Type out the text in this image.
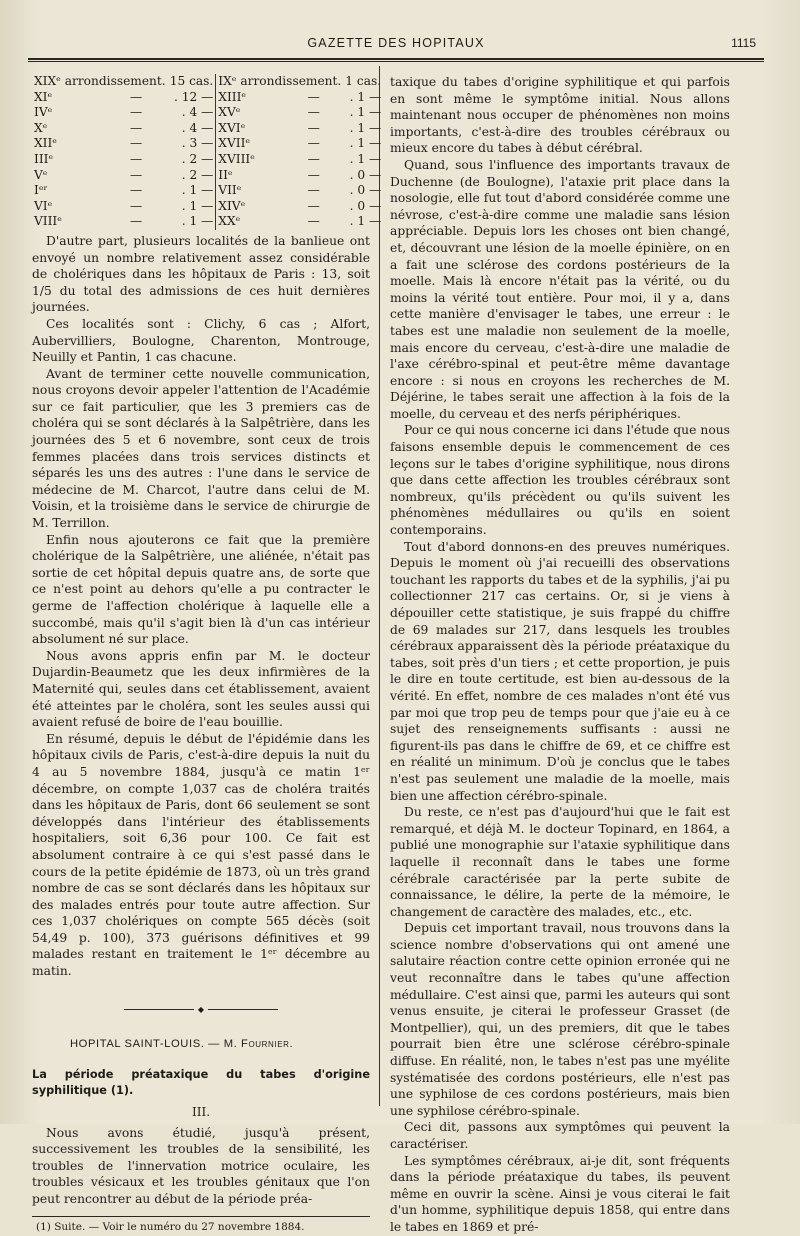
GAZETTE DES HOPITAUX	1115
XIXᵉ arrondissement.		15 cas.		IXᵉ arrondissement.		1 cas.
XIᵉ	—	. 12 —		XIIIᵉ	—	. 1 —
IVᵉ	—	. 4 —		XVᵉ	—	. 1 —
Xᵉ	—	. 4 —		XVIᵉ	—	. 1 —
XIIᵉ	—	. 3 —		XVIIᵉ	—	. 1 —
IIIᵉ	—	. 2 —		XVIIIᵉ	—	. 1 —
Vᵉ	—	. 2 —		IIᵉ	—	. 0 —
Iᵉʳ	—	. 1 —		VIIᵉ	—	. 0 —
VIᵉ	—	. 1 —		XIVᵉ	—	. 0 —
VIIIᵉ	—	. 1 —		XXᵉ	—	. 1 —

D'autre part, plusieurs localités de la banlieue ont envoyé un nombre relativement assez considérable de cholériques dans les hôpitaux de Paris : 13, soit 1/5 du total des admissions de ces huit dernières journées.

Ces localités sont : Clichy, 6 cas ; Alfort, Aubervilliers, Boulogne, Charenton, Montrouge, Neuilly et Pantin, 1 cas chacune.

Avant de terminer cette nouvelle communication, nous croyons devoir appeler l'attention de l'Académie sur ce fait particulier, que les 3 premiers cas de choléra qui se sont déclarés à la Salpêtrière, dans les journées des 5 et 6 novembre, sont ceux de trois femmes placées dans trois services distincts et séparés les uns des autres : l'une dans le service de médecine de M. Charcot, l'autre dans celui de M. Voisin, et la troisième dans le service de chirurgie de M. Terrillon.

Enfin nous ajouterons ce fait que la première cholérique de la Salpêtrière, une aliénée, n'était pas sortie de cet hôpital depuis quatre ans, de sorte que ce n'est point au dehors qu'elle a pu contracter le germe de l'affection cholérique à laquelle elle a succombé, mais qu'il s'agit bien là d'un cas intérieur absolument né sur place.

Nous avons appris enfin par M. le docteur Dujardin-Beaumetz que les deux infirmières de la Maternité qui, seules dans cet établissement, avaient été atteintes par le choléra, sont les seules aussi qui avaient refusé de boire de l'eau bouillie.

En résumé, depuis le début de l'épidémie dans les hôpitaux civils de Paris, c'est-à-dire depuis la nuit du 4 au 5 novembre 1884, jusqu'à ce matin 1ᵉʳ décembre, on compte 1,037 cas de choléra traités dans les hôpitaux de Paris, dont 66 seulement se sont développés dans l'intérieur des établissements hospitaliers, soit 6,36 pour 100. Ce fait est absolument contraire à ce qui s'est passé dans le cours de la petite épidémie de 1873, où un très grand nombre de cas se sont déclarés dans les hôpitaux sur des malades entrés pour toute autre affection. Sur ces 1,037 cholériques on compte 565 décès (soit 54,49 p. 100), 373 guérisons définitives et 99 malades restant en traitement le 1ᵉʳ décembre au matin.

◆
HOPITAL SAINT-LOUIS. — M. Fournier.
La période préataxique du tabes d'origine syphilitique (1).
III.

Nous avons étudié, jusqu'à présent, successivement les troubles de la sensibilité, les troubles de l'innervation motrice oculaire, les troubles vésicaux et les troubles génitaux que l'on peut rencontrer au début de la période préa-

(1) Suite. — Voir le numéro du 27 novembre 1884.

taxique du tabes d'origine syphilitique et qui parfois en sont même le symptôme initial. Nous allons maintenant nous occuper de phénomènes non moins importants, c'est-à-dire des troubles cérébraux ou mieux encore du tabes à début cérébral.

Quand, sous l'influence des importants travaux de Duchenne (de Boulogne), l'ataxie prit place dans la nosologie, elle fut tout d'abord considérée comme une névrose, c'est-à-dire comme une maladie sans lésion appréciable. Depuis lors les choses ont bien changé, et, découvrant une lésion de la moelle épinière, on en a fait une sclérose des cordons postérieurs de la moelle. Mais là encore n'était pas la vérité, ou du moins la vérité tout entière. Pour moi, il y a, dans cette manière d'envisager le tabes, une erreur : le tabes est une maladie non seulement de la moelle, mais encore du cerveau, c'est-à-dire une maladie de l'axe cérébro-spinal et peut-être même davantage encore : si nous en croyons les recherches de M. Déjérine, le tabes serait une affection à la fois de la moelle, du cerveau et des nerfs périphériques.

Pour ce qui nous concerne ici dans l'étude que nous faisons ensemble depuis le commencement de ces leçons sur le tabes d'origine syphilitique, nous dirons que dans cette affection les troubles cérébraux sont nombreux, qu'ils précèdent ou qu'ils suivent les phénomènes médullaires ou qu'ils en soient contemporains.

Tout d'abord donnons-en des preuves numériques. Depuis le moment où j'ai recueilli des observations touchant les rapports du tabes et de la syphilis, j'ai pu collectionner 217 cas certains. Or, si je viens à dépouiller cette statistique, je suis frappé du chiffre de 69 malades sur 217, dans lesquels les troubles cérébraux apparaissent dès la période préataxique du tabes, soit près d'un tiers ; et cette proportion, je puis le dire en toute certitude, est bien au-dessous de la vérité. En effet, nombre de ces malades n'ont été vus par moi que trop peu de temps pour que j'aie eu à ce sujet des renseignements suffisants : aussi ne figurent-ils pas dans le chiffre de 69, et ce chiffre est en réalité un minimum. D'où je conclus que le tabes n'est pas seulement une maladie de la moelle, mais bien une affection cérébro-spinale.

Du reste, ce n'est pas d'aujourd'hui que le fait est remarqué, et déjà M. le docteur Topinard, en 1864, a publié une monographie sur l'ataxie syphilitique dans laquelle il reconnaît dans le tabes une forme cérébrale caractérisée par la perte subite de connaissance, le délire, la perte de la mémoire, le changement de caractère des malades, etc., etc.

Depuis cet important travail, nous trouvons dans la science nombre d'observations qui ont amené une salutaire réaction contre cette opinion erronée qui ne veut reconnaître dans le tabes qu'une affection médullaire. C'est ainsi que, parmi les auteurs qui sont venus ensuite, je citerai le professeur Grasset (de Montpellier), qui, un des premiers, dit que le tabes pourrait bien être une sclérose cérébro-spinale diffuse. En réalité, non, le tabes n'est pas une myélite systématisée des cordons postérieurs, elle n'est pas une syphilose de ces cordons postérieurs, mais bien une syphilose cérébro-spinale.

Ceci dit, passons aux symptômes qui peuvent la caractériser.

Les symptômes cérébraux, ai-je dit, sont fréquents dans la période préataxique du tabes, ils peuvent même en ouvrir la scène. Ainsi je vous citerai le fait d'un homme, syphilitique depuis 1858, qui entre dans le tabes en 1869 et pré-
